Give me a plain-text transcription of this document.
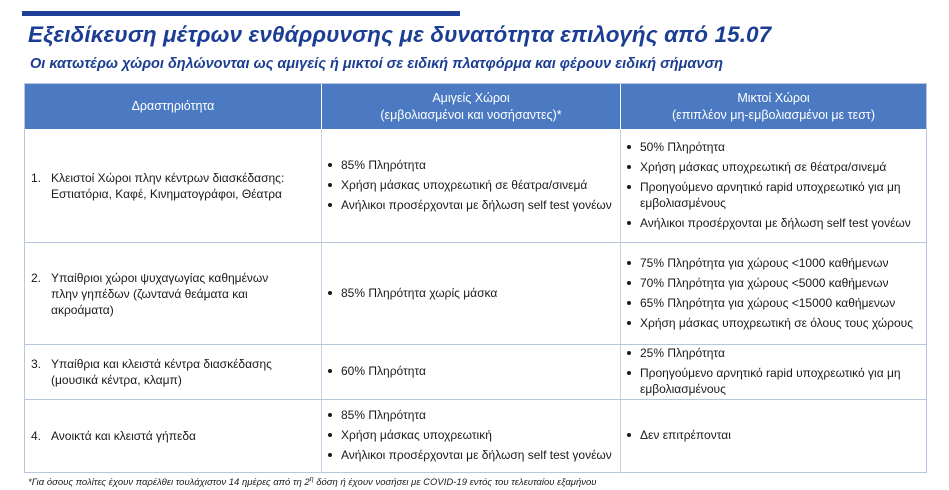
Εξειδίκευση μέτρων ενθάρρυνσης με δυνατότητα επιλογής από 15.07
Οι κατωτέρω χώροι δηλώνονται ως αμιγείς ή μικτοί σε ειδική πλατφόρμα και φέρουν ειδική σήμανση
Δραστηριότητα
Αμιγείς Χώροι
(εμβολιασμένοι και νοσήσαντες)*
Μικτοί Χώροι
(επιπλέον μη-εμβολιασμένοι με τεστ)
1. Κλειστοί Χώροι πλην κέντρων διασκέδασης:
Εστιατόρια, Καφέ, Κινηματογράφοι, Θέατρα
85% Πληρότητα
Χρήση μάσκας υποχρεωτική σε θέατρα/σινεμά
Ανήλικοι προσέρχονται με δήλωση self test γονέων
50% Πληρότητα
Χρήση μάσκας υποχρεωτική σε θέατρα/σινεμά
Προηγούμενο αρνητικό rapid υποχρεωτικό για μη εμβολιασμένους
Ανήλικοι προσέρχονται με δήλωση self test γονέων
2. Υπαίθριοι χώροι ψυχαγωγίας καθημένων
πλην γηπέδων (ζωντανά θεάματα και
ακροάματα)
85% Πληρότητα χωρίς μάσκα
75% Πληρότητα για χώρους <1000 καθήμενων
70% Πληρότητα για χώρους <5000 καθήμενων
65% Πληρότητα για χώρους <15000 καθήμενων
Χρήση μάσκας υποχρεωτική σε όλους τους χώρους
3. Υπαίθρια και κλειστά κέντρα διασκέδασης
(μουσικά κέντρα, κλαμπ)
60% Πληρότητα
25% Πληρότητα
Προηγούμενο αρνητικό rapid υποχρεωτικό για μη εμβολιασμένους
4. Ανοικτά και κλειστά γήπεδα
85% Πληρότητα
Χρήση μάσκας υποχρεωτική
Ανήλικοι προσέρχονται με δήλωση self test γονέων
Δεν επιτρέπονται
*Για όσους πολίτες έχουν παρέλθει τουλάχιστον 14 ημέρες από τη $2^\eta$ δόση ή έχουν νοσήσει με COVID-19 εντός του τελευταίου εξαμήνου
